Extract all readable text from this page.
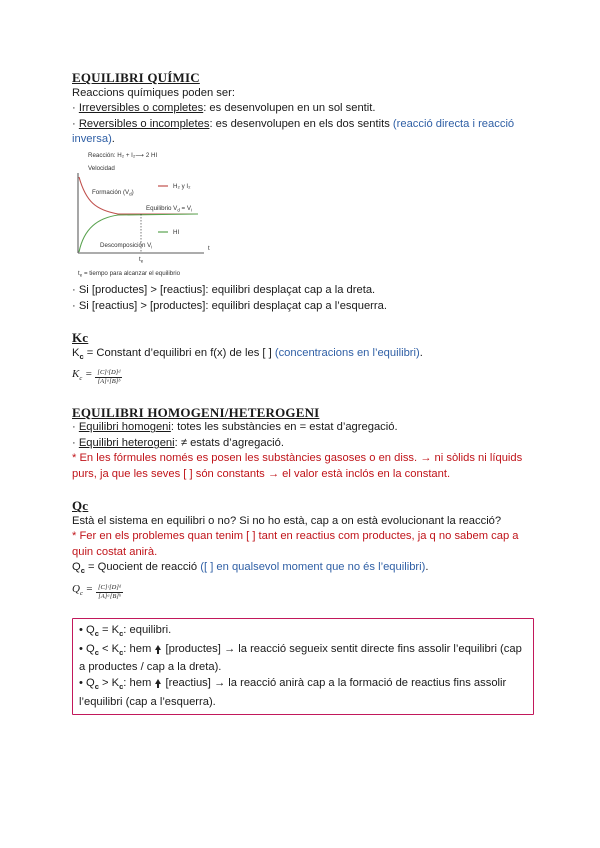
EQUILIBRI QUÍMIC

Reaccions químiques poden ser:

· Irreversibles o completes: es desenvolupen en un sol sentit.

· Reversibles o incompletes: es desenvolupen en els dos sentits (reacció directa i reacció inversa).

Reacción: H₂ + I₂⟶ 2 HI
Velocidad
Formación $(V_d)$
H₂ y I₂
Equilibrio $V_d = V_i$
HI
Descomposición $V_i$	t
$t_e$
$t_e$ = tiempo para alcanzar el equilibrio

· Si [productes] > [reactius]: equilibri desplaçat cap a la dreta.

· Si [reactius] > [productes]: equilibri desplaçat cap a l’esquerra.

Kc

$K_c$ = Constant d’equilibri en f(x) de les [ ] (concentracions en l’equilibri).

$K_c = \frac{\text{[C]ᶜ[D]ᵈ}}{\text{[A]ᵃ[B]ᵇ}}$

EQUILIBRI HOMOGENI/HETEROGENI

· Equilibri homogeni: totes les substàncies en = estat d’agregació.

· Equilibri heterogeni: ≠ estats d’agregació.

* En les fórmules només es posen les substàncies gasoses o en diss. → ni sòlids ni líquids purs, ja que les seves [ ] són constants → el valor està inclós en la constant.

Qc

Està el sistema en equilibri o no? Si no ho està, cap a on està evolucionant la reacció?

* Fer en els problemes quan tenim [ ] tant en reactius com productes, ja q no sabem cap a quin costat anirà.

$Q_c$ = Quocient de reacció ([ ] en qualsevol moment que no és l’equilibri).

$Q_c = \frac{\text{[C]ᶜ[D]ᵈ}}{\text{[A]ᵃ[B]ᵇ}}$

• $Q_c = K_c$: equilibri.

• $Q_c < K_c$: hem  [productes] → la reacció segueix sentit directe fins assolir l’equilibri (cap a productes / cap a la dreta).

• $Q_c > K_c$: hem  [reactius] → la reacció anirà cap a la formació de reactius fins assolir l’equilibri (cap a l’esquerra).
